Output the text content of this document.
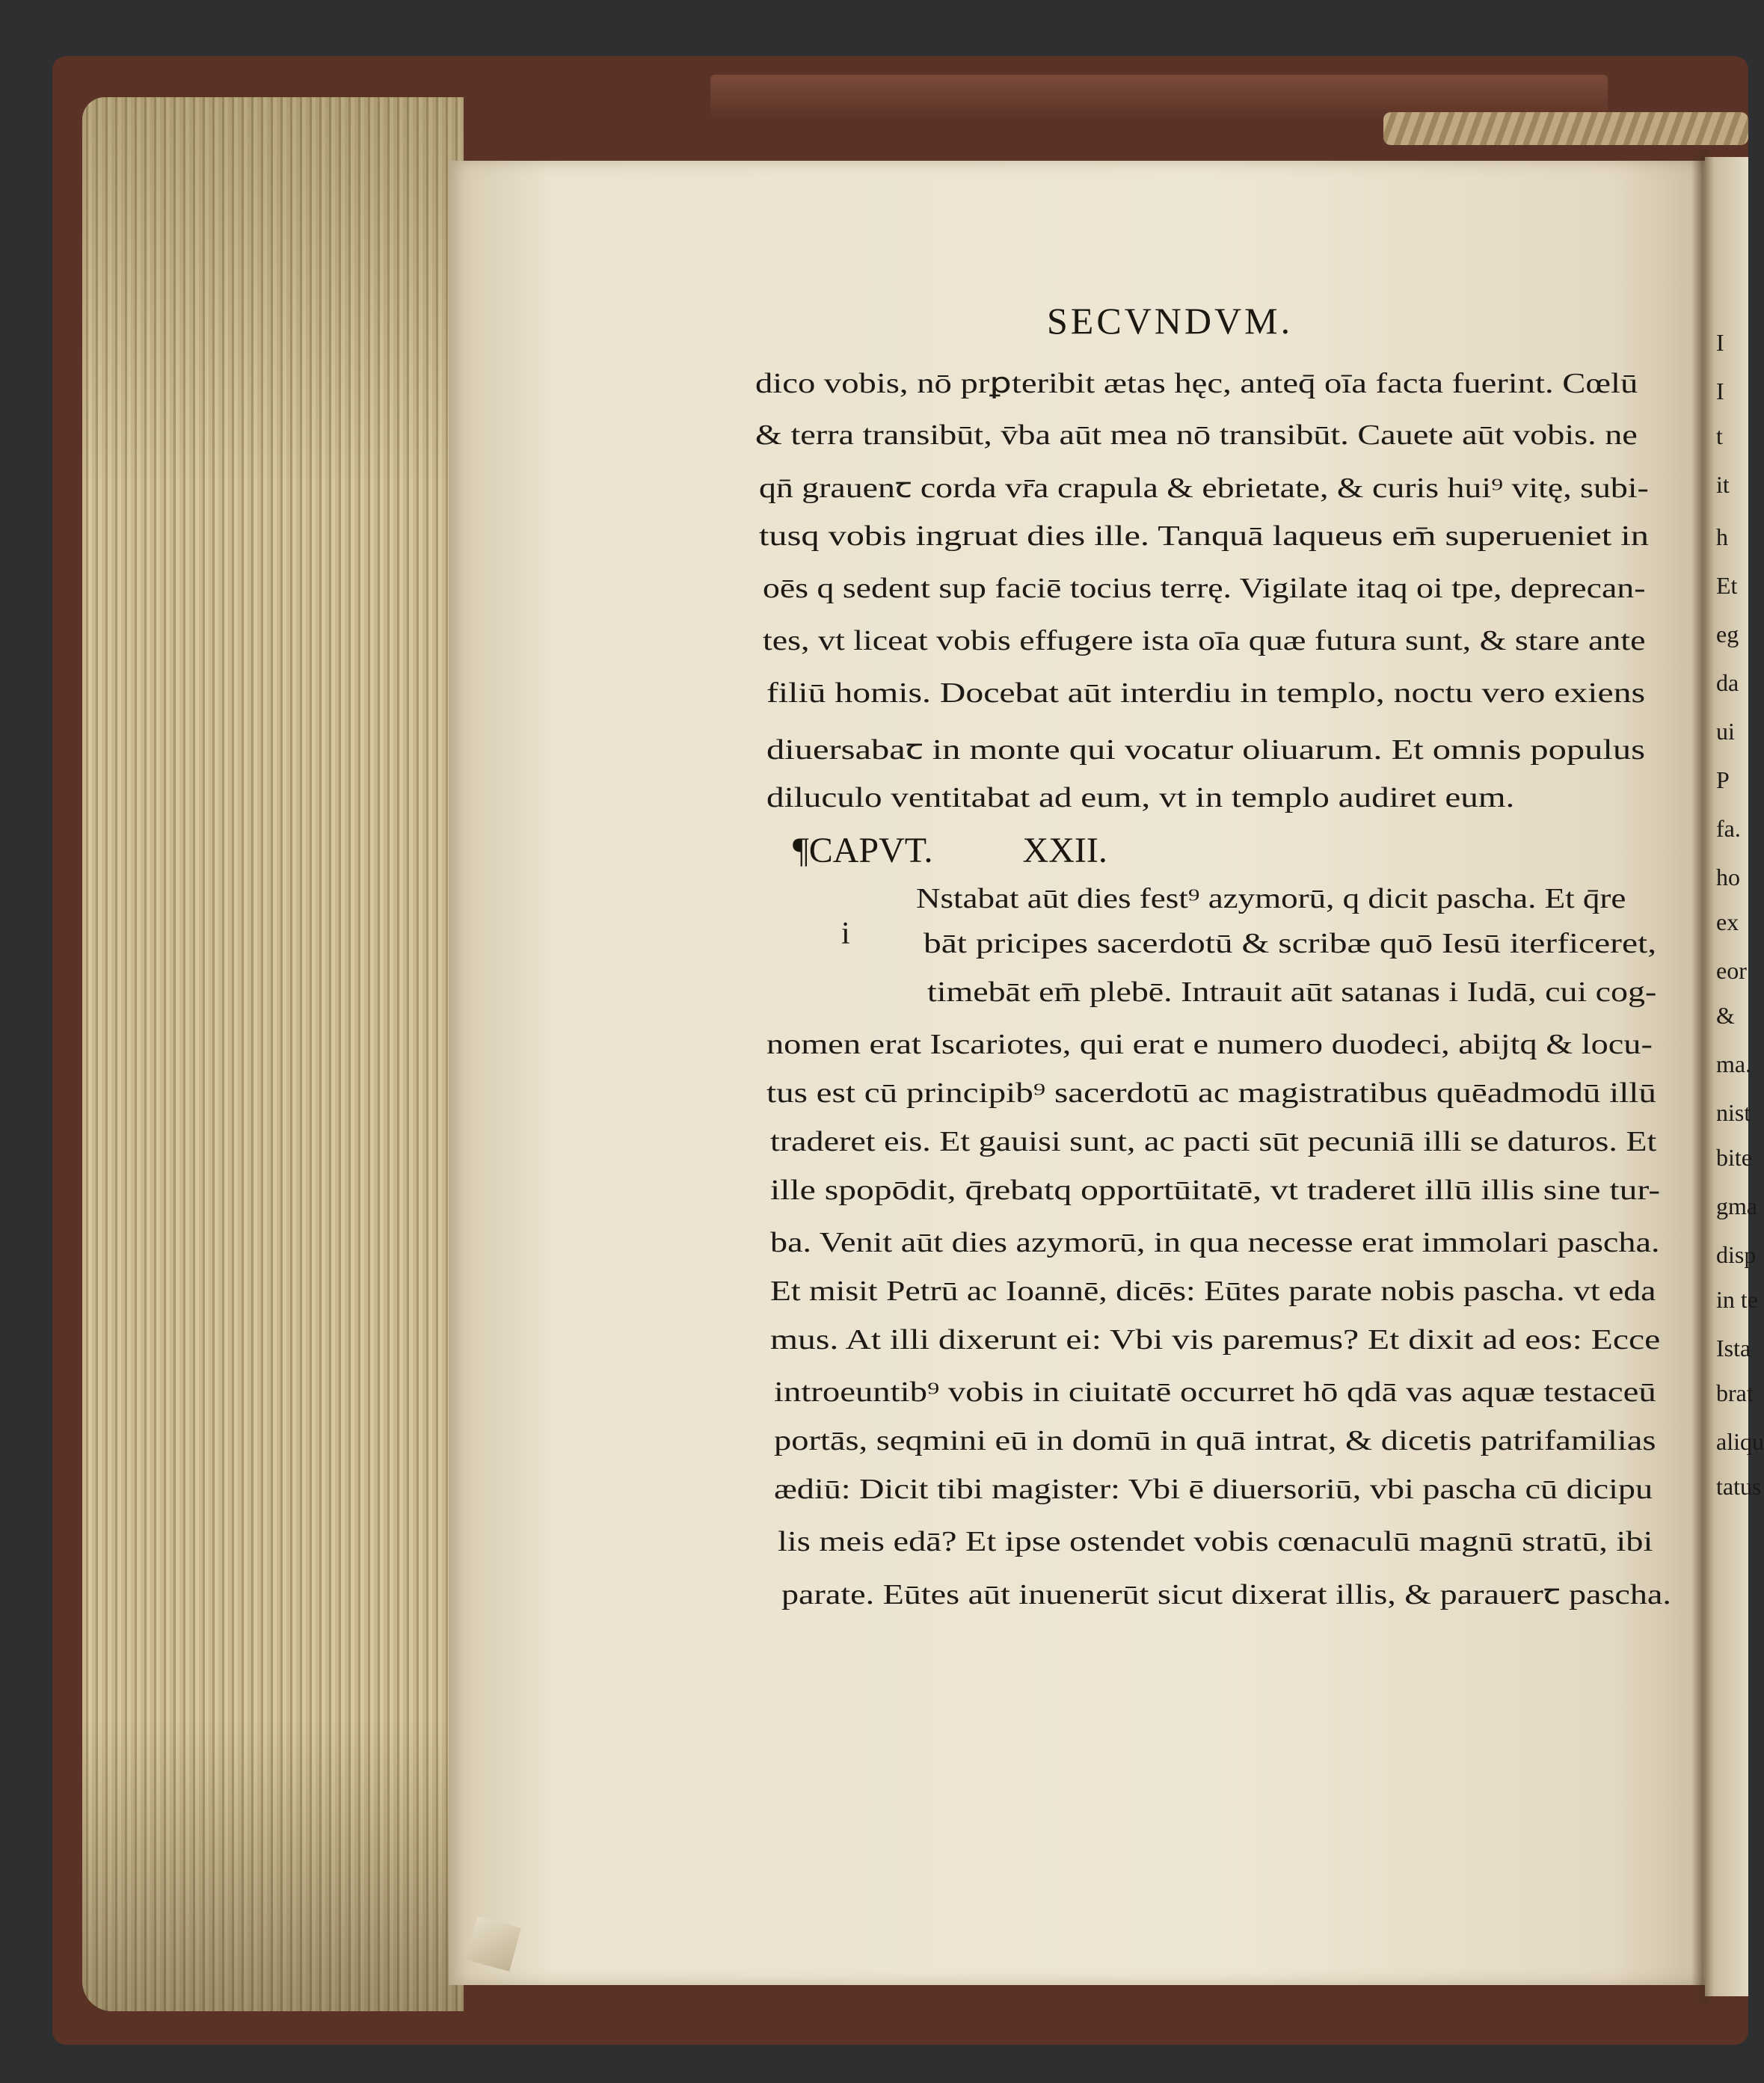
SECVNDVM.
dico vobis, nō prꝑteribit ætas hęc, anteq̄ oīa facta fuerint. Cœlū
& terra transibūt, v̄ba aūt mea nō transibūt. Cauete aūt vobis. ne
qn̄ grauenꞇ corda vr̄a crapula & ebrietate, & curis hui⁹ vitę, subi-
tusq vobis ingruat dies ille. Tanquā laqueus em̄ superueniet in
oēs q sedent sup faciē tocius terrę. Vigilate itaq oi tpe, deprecan-
tes, vt liceat vobis effugere ista oīa quæ futura sunt, & stare ante
filiū homis. Docebat aūt interdiu in templo, noctu vero exiens
diuersabaꞇ in monte qui vocatur oliuarum. Et omnis populus
diluculo ventitabat ad eum, vt in templo audiret eum.
Nstabat aūt dies fest⁹ azymorū, q dicit pascha. Et q̄re
bāt pricipes sacerdotū & scribæ quō Iesū iterficeret,
timebāt em̄ plebē. Intrauit aūt satanas i Iudā, cui cog-
nomen erat Iscariotes, qui erat e numero duodeci, abijtq & locu-
tus est cū principib⁹ sacerdotū ac magistratibus quēadmodū illū
traderet eis. Et gauisi sunt, ac pacti sūt pecuniā illi se daturos. Et
ille spopōdit, q̄rebatq opportūitatē, vt traderet illū illis sine tur-
ba. Venit aūt dies azymorū, in qua necesse erat immolari pascha.
Et misit Petrū ac Ioannē, dicēs: Eūtes parate nobis pascha. vt eda
mus. At illi dixerunt ei: Vbi vis paremus? Et dixit ad eos: Ecce
introeuntib⁹ vobis in ciuitatē occurret hō qdā vas aquæ testaceū
portās, seqmini eū in domū in quā intrat, & dicetis patrifamilias
ædiū: Dicit tibi magister: Vbi ē diuersoriū, vbi pascha cū dicipu
lis meis edā? Et ipse ostendet vobis cœnaculū magnū stratū, ibi
parate. Eūtes aūt inuenerūt sicut dixerat illis, & parauerꞇ pascha.
¶CAPVT.	XXII.
i
I
I
t
it
h
Et
eg
da
ui
P
fa.
ho
ex
eor
&
ma.
nist
bite
gma
disp
in te
Ista
brat
aliqu
tatus
